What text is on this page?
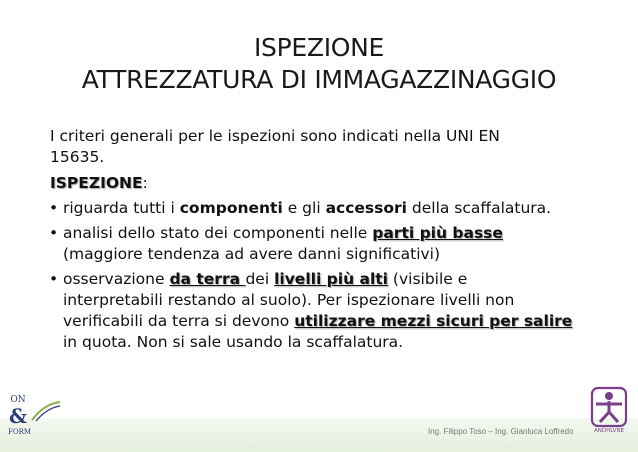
ISPEZIONE
ATTREZZATURA DI IMMAGAZZINAGGIO

I criteri generali per le ispezioni sono indicati nella UNI EN
15635.

ISPEZIONE:

• riguarda tutti i componenti e gli accessori della scaffalatura.
• analisi dello stato dei componenti nelle parti più basse
(maggiore tendenza ad avere danni significativi)
• osservazione da terra dei livelli più alti (visibile e
interpretabili restando al suolo). Per ispezionare livelli non
verificabili da terra si devono utilizzare mezzi sicuri per salire
in quota. Non si sale usando la scaffalatura.
ON
&
FORM	Ing. Filippo Toso – Ing. Gianluca Loffredo	ANDHLVNE
